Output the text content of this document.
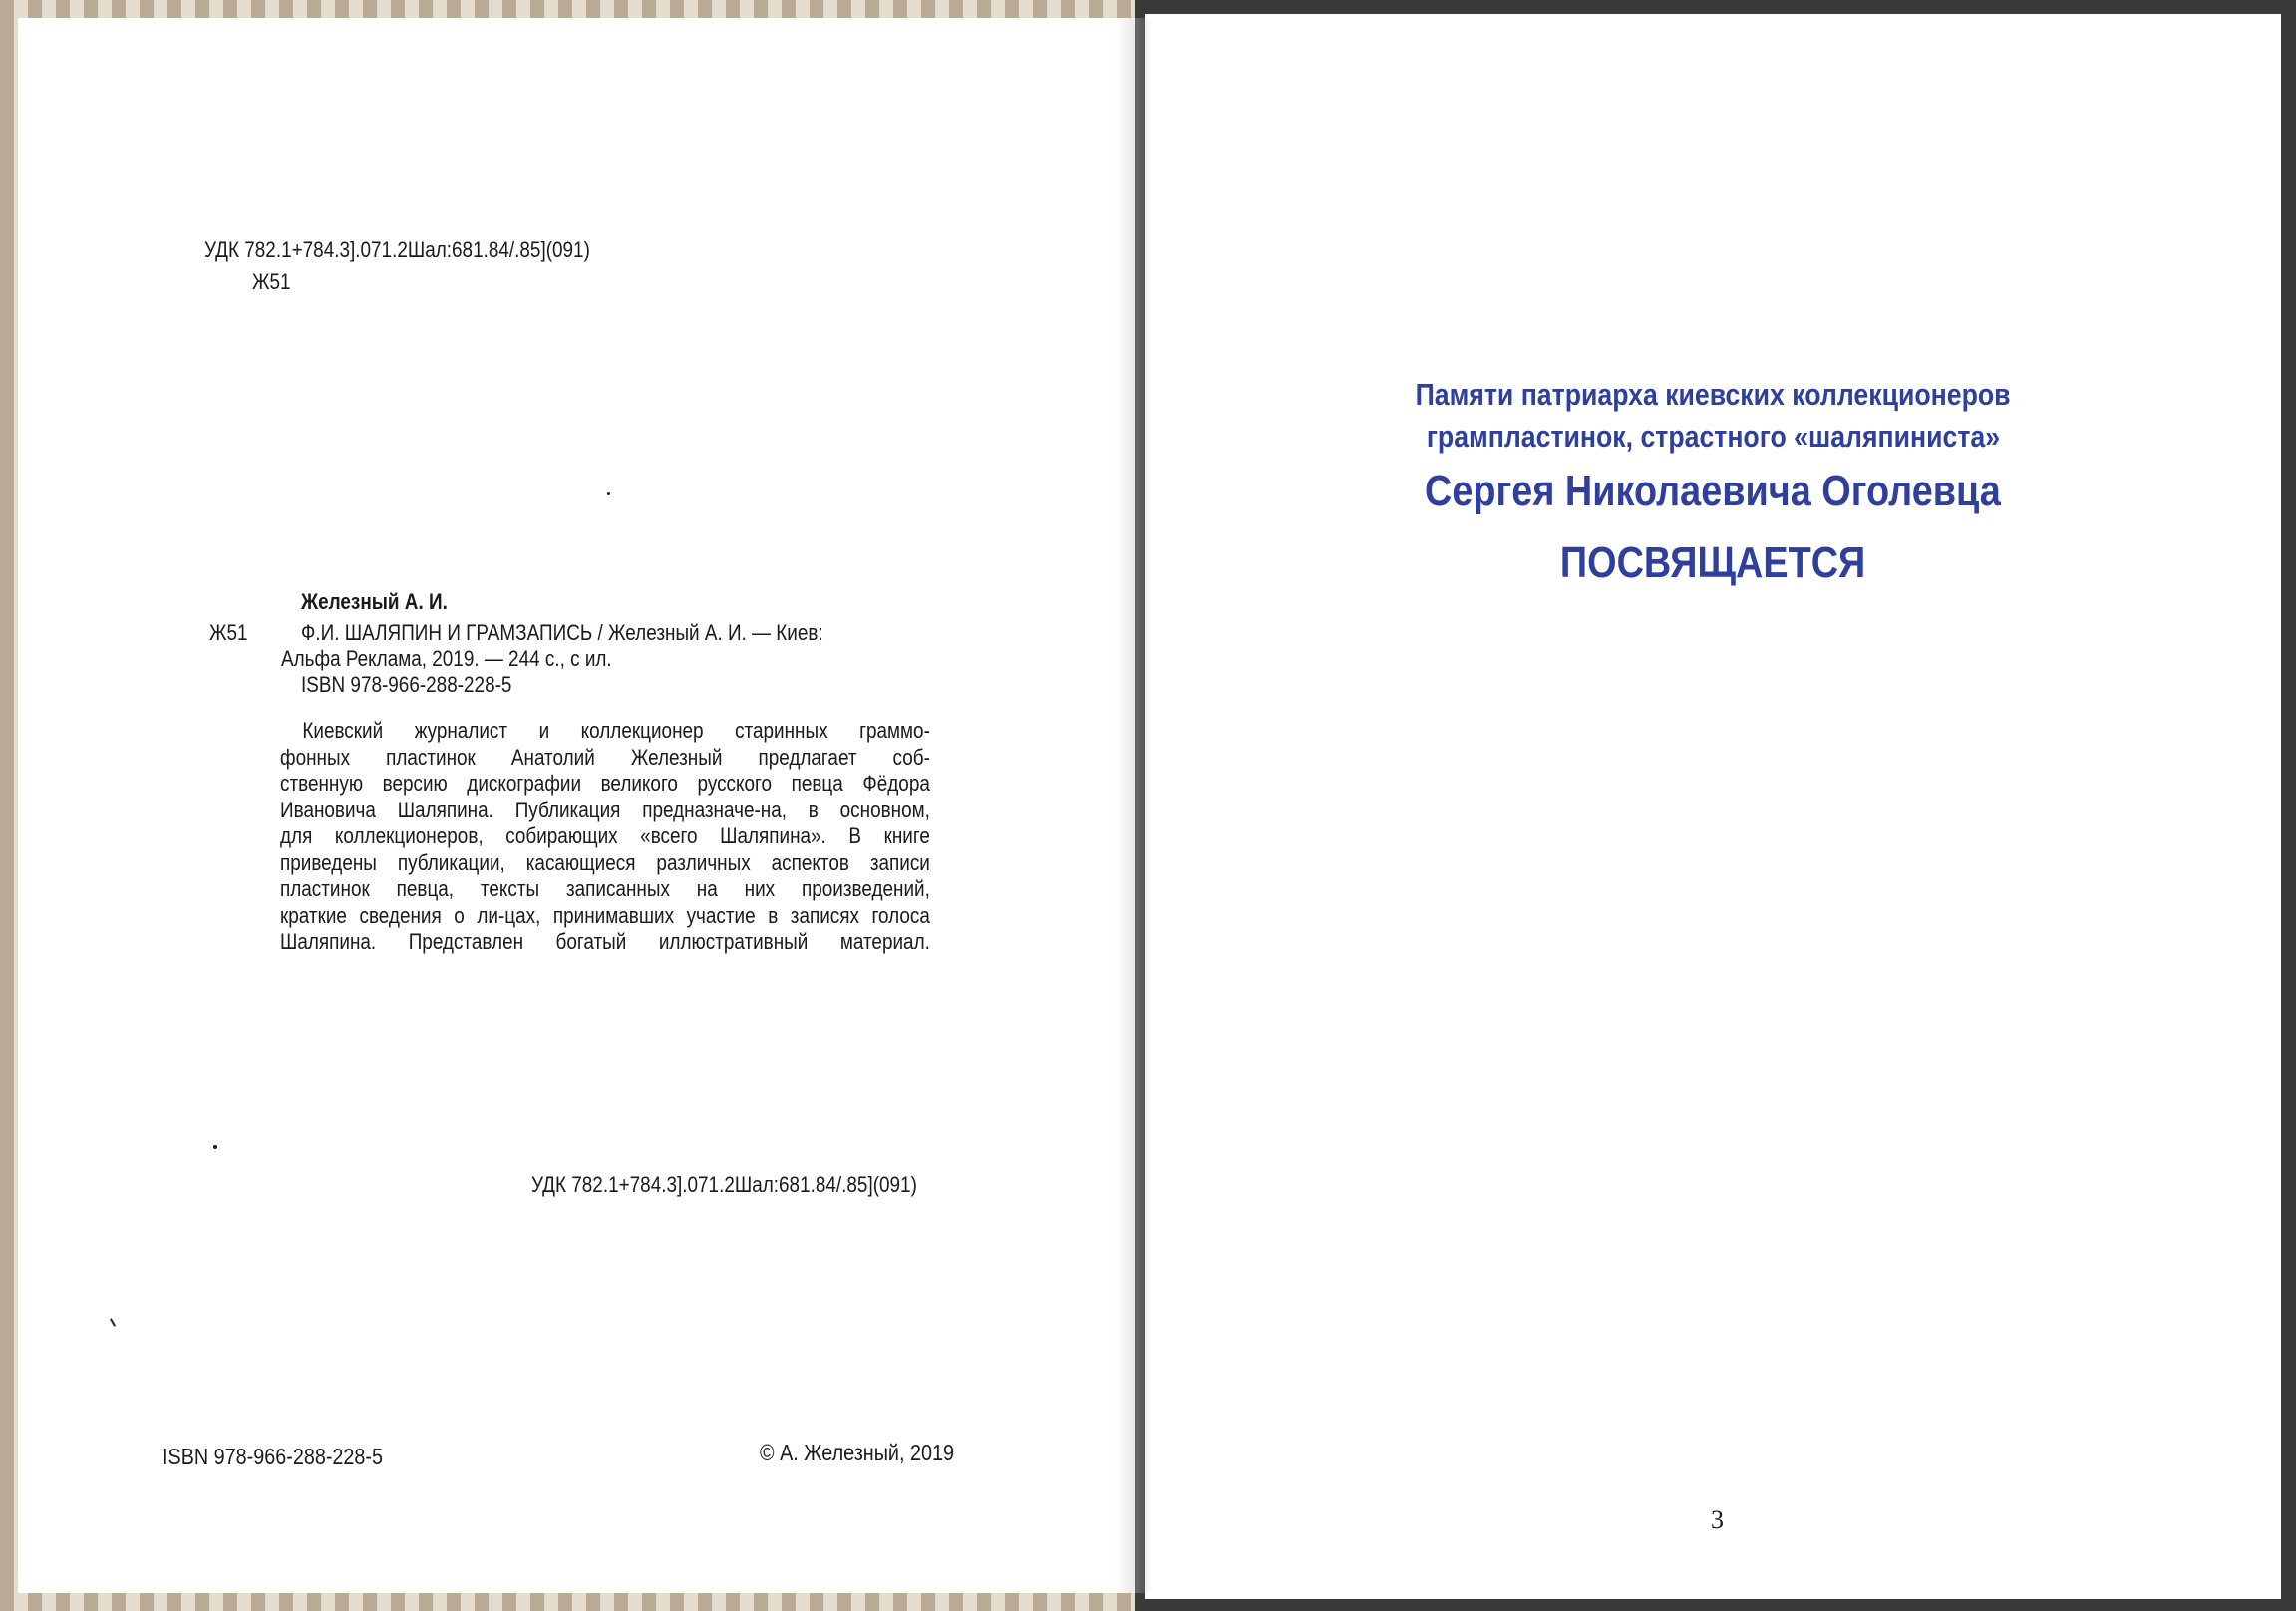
УДК 782.1+784.3].071.2Шал:681.84/.85](091)
Ж51
Железный А. И.
Ж51 Ф.И. ШАЛЯПИН И ГРАМЗАПИСЬ / Железный А. И. — Киев:
Альфа Реклама, 2019. — 244 с., с ил.
ISBN 978-966-288-228-5
Киевский журналист и коллекционер старинных граммо-
фонных пластинок Анатолий Железный предлагает соб-
ственную версию дискографии великого русского певца Фёдора
Ивановича Шаляпина. Публикация предназначе-на, в основном,
для коллекционеров, собирающих «всего Шаляпина». В книге
приведены публикации, касающиеся различных аспектов записи
пластинок певца, тексты записанных на них произведений,
краткие сведения о ли-цах, принимавших участие в записях голоса
Шаляпина. Представлен богатый иллюстративный материал.
УДК 782.1+784.3].071.2Шал:681.84/.85](091)
ISBN 978-966-288-228-5	© А. Железный, 2019
Памяти патриарха киевских коллекционеров
грампластинок, страстного «шаляпиниста»
Сергея Николаевича Оголевца
ПОСВЯЩАЕТСЯ
3
